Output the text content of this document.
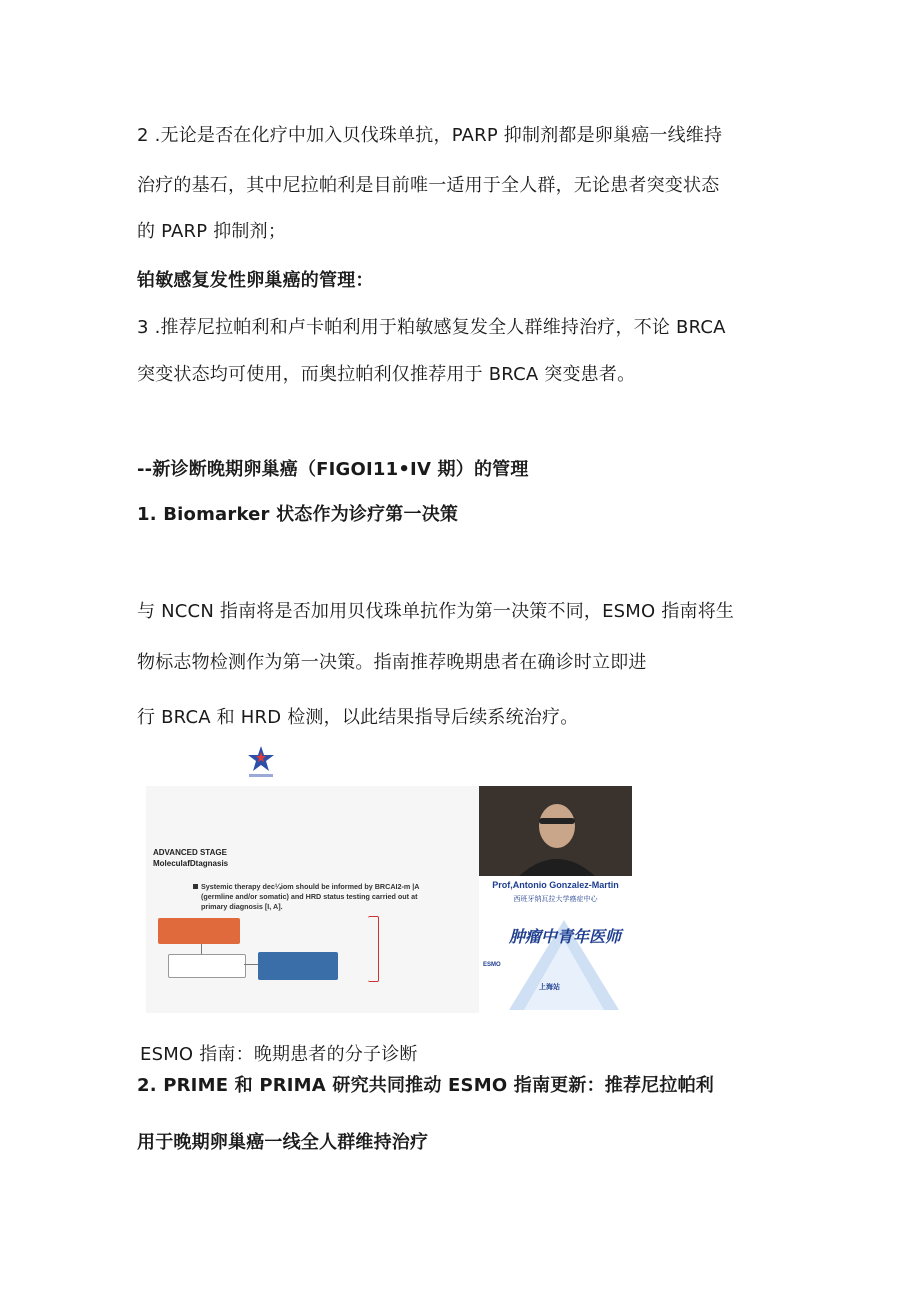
2 .无论是否在化疗中加入贝伐珠单抗，PARP 抑制剂都是卵巢癌一线维持
治疗的基石，其中尼拉帕利是目前唯一适用于全人群，无论患者突变状态
的 PARP 抑制剂；
铂敏感复发性卵巢癌的管理：
3 .推荐尼拉帕利和卢卡帕利用于粕敏感复发全人群维持治疗，不论 BRCA
突变状态均可使用，而奥拉帕利仅推荐用于 BRCA 突变患者。
--新诊断晚期卵巢癌（FIGOI11•IV 期）的管理
1. Biomarker 状态作为诊疗第一决策
与 NCCN 指南将是否加用贝伐珠单抗作为第一决策不同，ESMO 指南将生
物标志物检测作为第一决策。指南推荐晚期患者在确诊时立即进
行 BRCA 和 HRD 检测，以此结果指导后续系统治疗。
ADVANCED STAGE
MoleculafDtagnasis
Systemic therapy dec¼iom should be informed by BRCAI2-m |A (germline and/or somatic) and HRD status testing carried out at primary diagnosis [I, A].
Prof,Antonio Gonzalez-Martin
西班牙纳瓦拉大学癌症中心
肿瘤中青年医师
ESMO
上海站
ESMO 指南：晚期患者的分子诊断
2. PRIME 和 PRIMA 研究共同推动 ESMO 指南更新：推荐尼拉帕利
用于晚期卵巢癌一线全人群维持治疗
